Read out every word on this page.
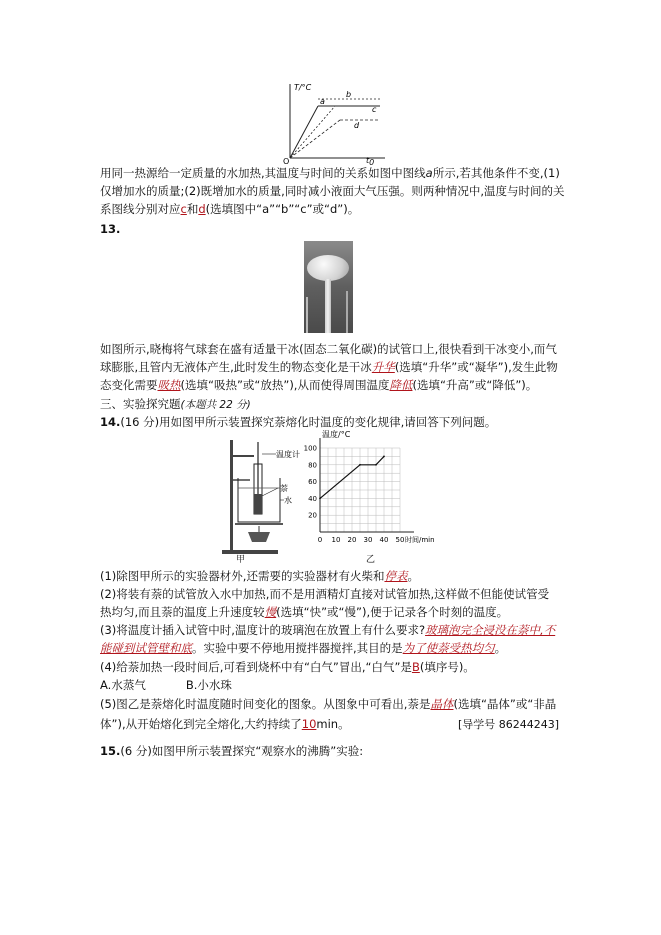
T/°C
O
a
b
c
d
t0
用同一热源给一定质量的水加热,其温度与时间的关系如图中图线a所示,若其他条件不变,(1)
仅增加水的质量;(2)既增加水的质量,同时减小液面大气压强。则两种情况中,温度与时间的关
系图线分别对应c和d(选填图中“a”“b”“c”或“d”)。
13.
如图所示,晓梅将气球套在盛有适量干冰(固态二氧化碳)的试管口上,很快看到干冰变小,而气
球膨胀,且管内无液体产生,此时发生的物态变化是干冰升华(选填“升华”或“凝华”),发生此物
态变化需要吸热(选填“吸热”或“放热”),从而使得周围温度降低(选填“升高”或“降低”)。
三、实验探究题(本题共 22 分)
14.(16 分)用如图甲所示装置探究萘熔化时温度的变化规律,请回答下列问题。
温度计
萘
水
甲
0 10 20 30 40 50
20
40
60
80
100
温度/°C
时间/min
乙
(1)除图甲所示的实验器材外,还需要的实验器材有火柴和停表。
(2)将装有萘的试管放入水中加热,而不是用酒精灯直接对试管加热,这样做不但能使试管受
热均匀,而且萘的温度上升速度较慢(选填“快”或“慢”),便于记录各个时刻的温度。
(3)将温度计插入试管中时,温度计的玻璃泡在放置上有什么要求?玻璃泡完全浸没在萘中,不
能碰到试管壁和底。实验中要不停地用搅拌器搅拌,其目的是为了使萘受热均匀。
(4)给萘加热一段时间后,可看到烧杯中有“白气”冒出,“白气”是B(填序号)。
A.水蒸气	B.小水珠
(5)图乙是萘熔化时温度随时间变化的图象。从图象中可看出,萘是晶体(选填“晶体”或“非晶
体”),从开始熔化到完全熔化,大约持续了10min。	[导学号 86244243]
15.(6 分)如图甲所示装置探究“观察水的沸腾”实验:
